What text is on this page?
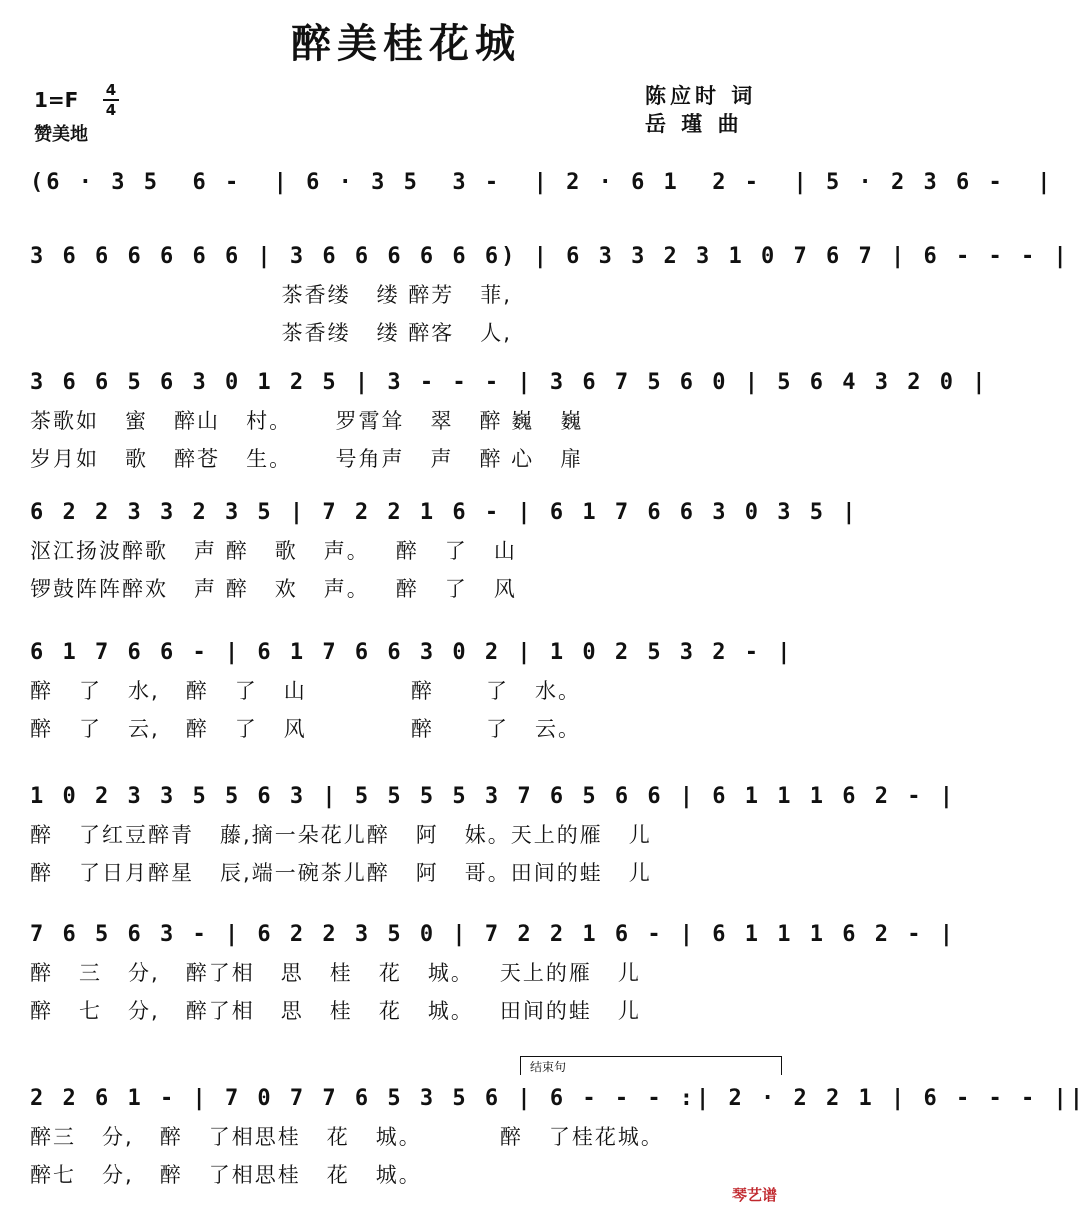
醉美桂花城
1=F	4
4
赞美地
陈应时 词
岳 瑾 曲
(6 · 3 5  6 -  | 6 · 3 5  3 -  | 2 · 6 1  2 -  | 5 · 2 3 6 -  |
3 6 6 6 6 6 6 | 3 6 6 6 6 6 6) | 6 3 3 2 3 1 0 7 6 7 | 6 - - - |
茶香缕   缕 醉芳   菲,
茶香缕   缕 醉客   人,
3 6 6 5 6 3 0 1 2 5 | 3 - - - | 3 6 7 5 6 0 | 5 6 4 3 2 0 |
茶歌如   蜜   醉山   村。     罗霄耸   翠   醉 巍   巍
岁月如   歌   醉苍   生。     号角声   声   醉 心   扉
6 2 2 3 3 2 3 5 | 7 2 2 1 6 - | 6 1 7 6 6 3 0 3 5 |
沤江扬波醉歌   声 醉   歌   声。   醉   了   山
锣鼓阵阵醉欢   声 醉   欢   声。   醉   了   风
6 1 7 6 6 - | 6 1 7 6 6 3 0 2 | 1 0 2 5 3 2 - |
醉   了   水,   醉   了   山            醉      了   水。
醉   了   云,   醉   了   风            醉      了   云。
1 0 2 3 3 5 5 6 3 | 5 5 5 5 3 7 6 5 6 6 | 6 1 1 1 6 2 - |
醉   了红豆醉青   藤,摘一朵花儿醉   阿   妹。天上的雁   儿
醉   了日月醉星   辰,端一碗茶儿醉   阿   哥。田间的蛙   儿
7 6 5 6 3 - | 6 2 2 3 5 0 | 7 2 2 1 6 - | 6 1 1 1 6 2 - |
醉   三   分,   醉了相   思   桂   花   城。   天上的雁   儿
醉   七   分,   醉了相   思   桂   花   城。   田间的蛙   儿
2 2 6 1 - | 7 0 7 7 6 5 3 5 6 | 6 - - - :| 2 · 2 2 1 | 6 - - - ||
醉三   分,   醉   了相思桂   花   城。         醉   了桂花城。
醉七   分,   醉   了相思桂   花   城。
结束句
琴艺谱
